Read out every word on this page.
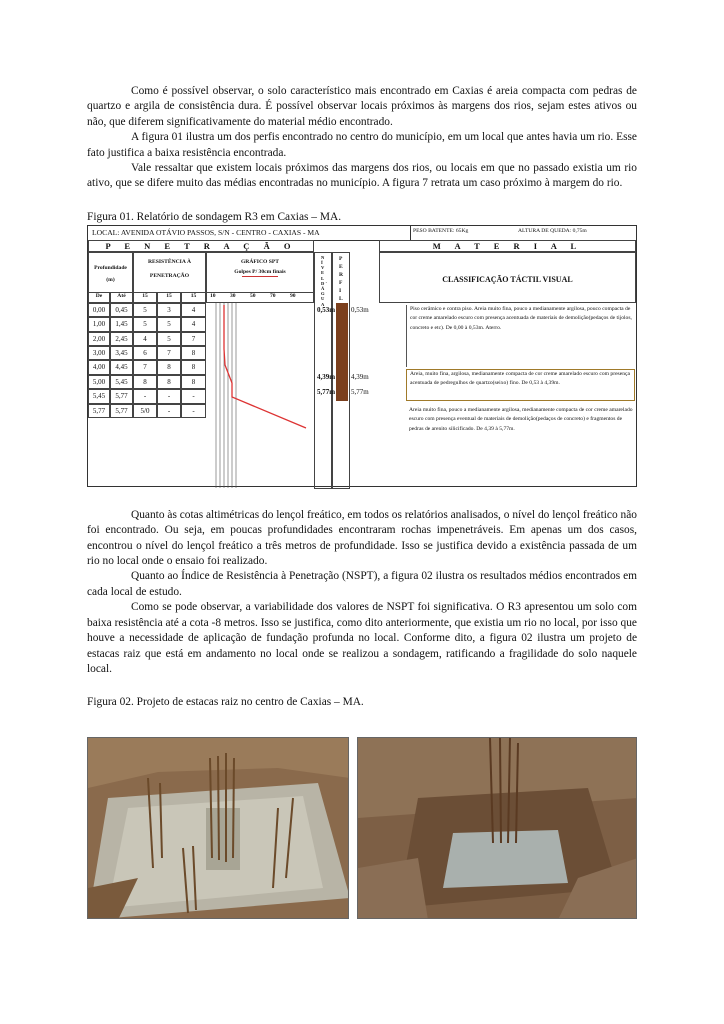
Como é possível observar, o solo característico mais encontrado em Caxias é areia compacta com pedras de quartzo e argila de consistência dura. É possível observar locais próximos às margens dos rios, sejam estes ativos ou não, que diferem significativamente do material médio encontrado.

A figura 01 ilustra um dos perfis encontrado no centro do município, em um local que antes havia um rio. Esse fato justifica a baixa resistência encontrada.

Vale ressaltar que existem locais próximos das margens dos rios, ou locais em que no passado existia um rio ativo, que se difere muito das médias encontradas no município. A figura 7 retrata um caso próximo à margem do rio.

Figura 01. Relatório de sondagem R3 em Caxias – MA.

LOCAL: AVENIDA OTÁVIO PASSOS, S/N - CENTRO - CAXIAS - MA	PESO BATENTE: 65Kg	ALTURA DE QUEDA: 0,75m
P E N E T R A Ç Ã O	M A T E R I A L
Profundidade
(m)
RESISTÊNCIA À
PENETRAÇÃO
GRÁFICO SPT
Golpes P/ 30cm finais
N Í V E L D ' Á G U A
P E R F I L
CLASSIFICAÇÃO TÁCTIL VISUAL
De	Até	15	15	15	10	30	50	70	90
0,00	0,45	5	3	4
1,00	1,45	5	5	4
2,00	2,45	4	5	7
3,00	3,45	6	7	8
4,00	4,45	7	8	8
5,00	5,45	8	8	8
5,45	5,77	-	-	-
5,77	5,77	5/0	-	-
0,53m
4,39m
5,77m
0,53m
4,39m
5,77m
Piso cerâmico e contra piso. Areia muito fina, pouco a medianamente argilosa, pouco compacta de cor creme amarelado escuro com presença acentuada de materiais de demolição(pedaços de tijolos, concreto e etc). De 0,00 à 0,53m. Aterro.
Areia, muito fina, argilosa, medianamente compacta de cor creme amarelado escuro com presença acentuada de pedregulhos de quartzo(seixo) fino. De 0,53 à 4,39m.
Areia muito fina, pouco a medianamente argilosa, medianamente compacta de cor creme amarelado escuro com presença eventual de materiais de demolição(pedaços de concreto) e fragmentos de pedras de arenito silicificado. De 4,39 à 5,77m.

Quanto às cotas altimétricas do lençol freático, em todos os relatórios analisados, o nível do lençol freático não foi encontrado. Ou seja, em poucas profundidades encontraram rochas impenetráveis. Em apenas um dos casos, encontrou o nível do lençol freático a três metros de profundidade. Isso se justifica devido a existência passada de um rio no local onde o ensaio foi realizado.

Quanto ao Índice de Resistência à Penetração (NSPT), a figura 02 ilustra os resultados médios encontrados em cada local de estudo.

Como se pode observar, a variabilidade dos valores de NSPT foi significativa. O R3 apresentou um solo com baixa resistência até a cota -8 metros. Isso se justifica, como dito anteriormente, que existia um rio no local, por isso que houve a necessidade de aplicação de fundação profunda no local. Conforme dito, a figura 02 ilustra um projeto de estacas raiz que está em andamento no local onde se realizou a sondagem, ratificando a fragilidade do solo naquele local.

Figura 02. Projeto de estacas raiz no centro de Caxias – MA.
